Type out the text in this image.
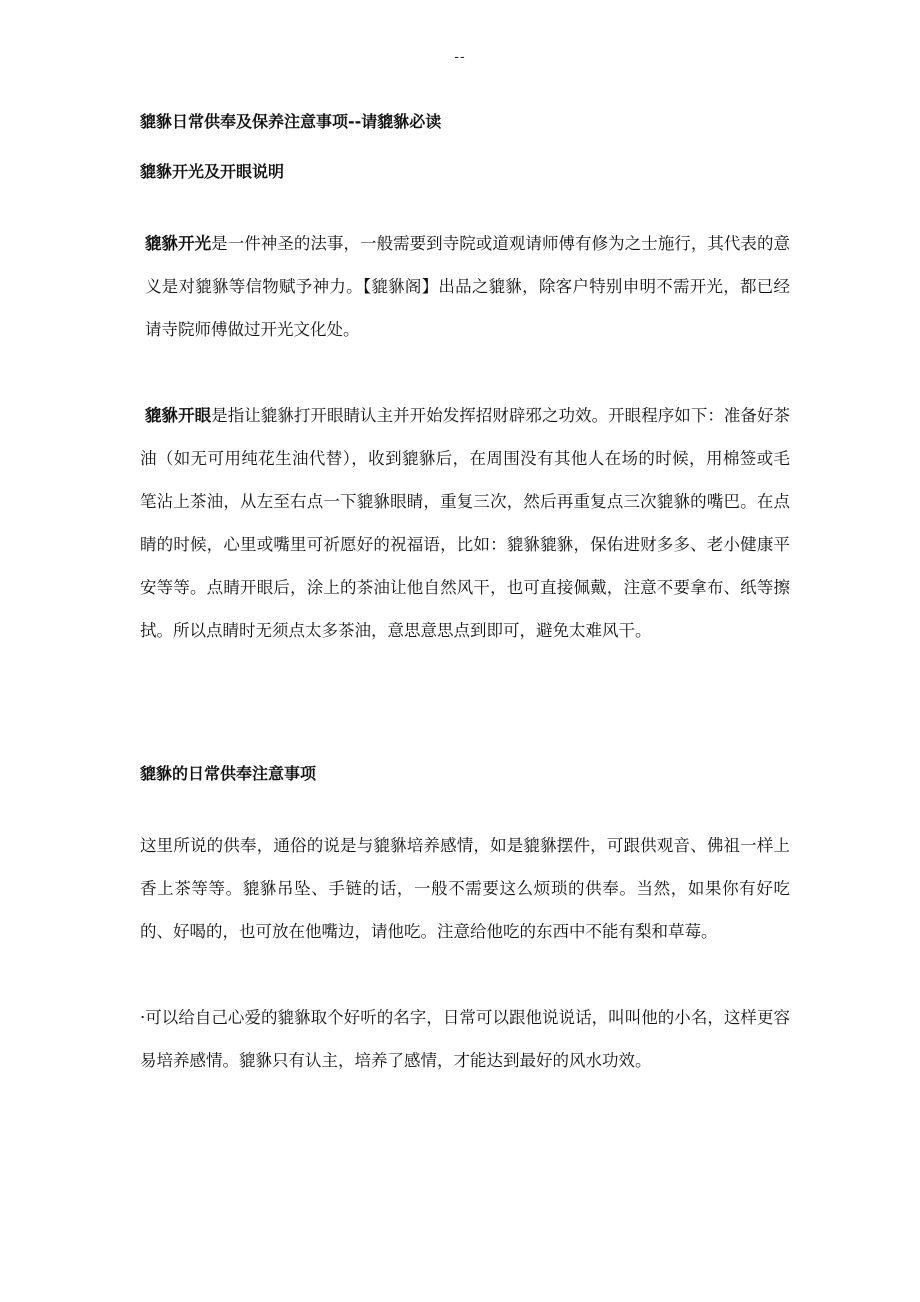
--

貔貅日常供奉及保养注意事项--请貔貅必读

貔貅开光及开眼说明

貔貅开光是一件神圣的法事，一般需要到寺院或道观请师傅有修为之士施行，其代表的意义是对貔貅等信物赋予神力。【貔貅阁】出品之貔貅，除客户特别申明不需开光，都已经请寺院师傅做过开光文化处。

貔貅开眼是指让貔貅打开眼睛认主并开始发挥招财辟邪之功效。开眼程序如下：准备好茶油（如无可用纯花生油代替），收到貔貅后，在周围没有其他人在场的时候，用棉签或毛笔沾上茶油，从左至右点一下貔貅眼睛，重复三次，然后再重复点三次貔貅的嘴巴。在点睛的时候，心里或嘴里可祈愿好的祝福语，比如：貔貅貔貅，保佑进财多多、老小健康平安等等。点睛开眼后，涂上的茶油让他自然风干，也可直接佩戴，注意不要拿布、纸等擦拭。所以点睛时无须点太多茶油，意思意思点到即可，避免太难风干。

貔貅的日常供奉注意事项

这里所说的供奉，通俗的说是与貔貅培养感情，如是貔貅摆件，可跟供观音、佛祖一样上香上茶等等。貔貅吊坠、手链的话，一般不需要这么烦琐的供奉。当然，如果你有好吃的、好喝的，也可放在他嘴边，请他吃。注意给他吃的东西中不能有梨和草莓。

·可以给自己心爱的貔貅取个好听的名字，日常可以跟他说说话，叫叫他的小名，这样更容易培养感情。貔貅只有认主，培养了感情，才能达到最好的风水功效。
